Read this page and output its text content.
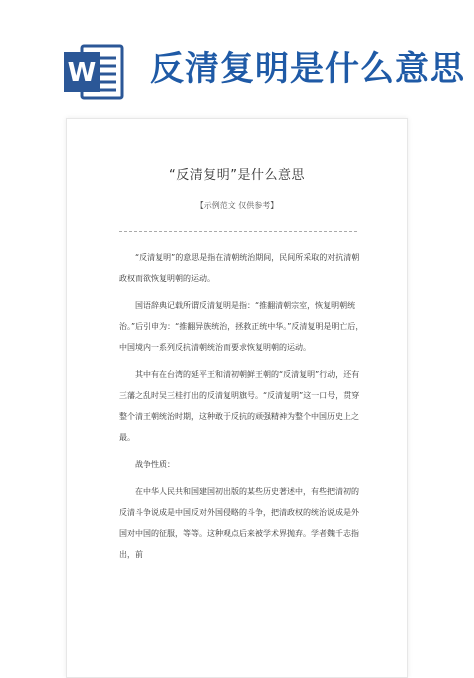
W 反清复明是什么意思
“反清复明”是什么意思
【示例范文 仅供参考】
“反清复明”的意思是指在清朝统治期间，民间所采取的对抗清朝政权而欲恢复明朝的运动。
国语辞典记载所谓反清复明是指：“推翻清朝宗室，恢复明朝统治。”后引申为：“推翻异族统治，拯救正统中华。”反清复明是明亡后，中国境内一系列反抗清朝统治而要求恢复明朝的运动。
其中有在台湾的延平王和清初朝鲜王朝的“反清复明”行动，还有三藩之乱时吴三桂打出的反清复明旗号。“反清复明”这一口号，贯穿整个清王朝统治时期，这种敢于反抗的顽强精神为整个中国历史上之最。
战争性质：
在中华人民共和国建国初出版的某些历史著述中，有些把清初的反清斗争说成是中国反对外国侵略的斗争，把清政权的统治说成是外国对中国的征服，等等。这种观点后来被学术界抛弃。学者魏千志指出，前
